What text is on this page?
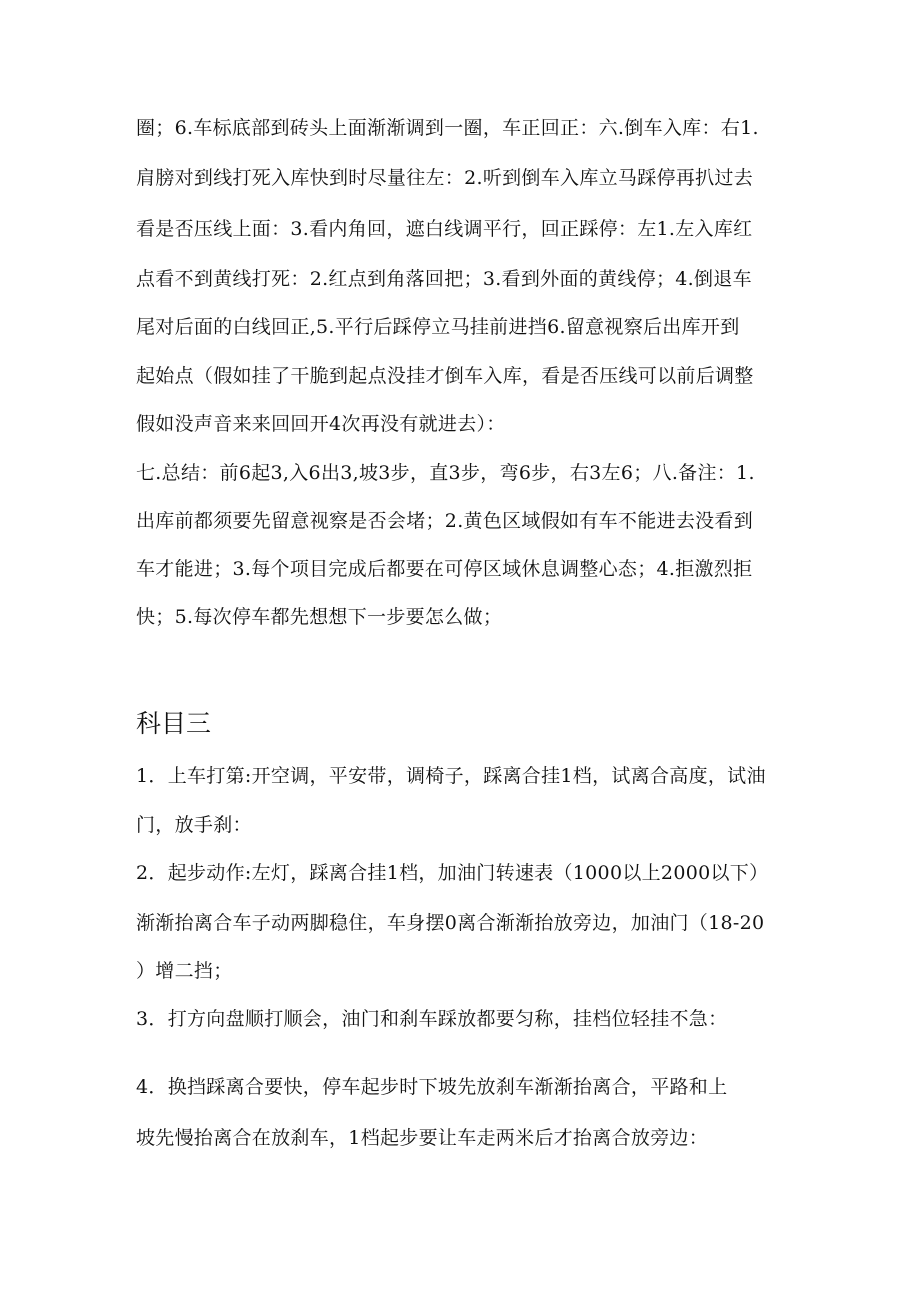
圈；6.车标底部到砖头上面渐渐调到一圈，车正回正：六.倒车入库：右1.
肩膀对到线打死入库快到时尽量往左：2.听到倒车入库立马踩停再扒过去
看是否压线上面：3.看内角回，遮白线调平行，回正踩停：左1.左入库红
点看不到黄线打死：2.红点到角落回把；3.看到外面的黄线停；4.倒退车
尾对后面的白线回正,5.平行后踩停立马挂前进挡6.留意视察后出库开到
起始点（假如挂了干脆到起点没挂才倒车入库，看是否压线可以前后调整
假如没声音来来回回开4次再没有就进去）：
七.总结：前6起3,入6出3,坡3步，直3步，弯6步，右3左6；八.备注：1.
出库前都须要先留意视察是否会堵；2.黄色区域假如有车不能进去没看到
车才能进；3.每个项目完成后都要在可停区域休息调整心态；4.拒激烈拒
快；5.每次停车都先想想下一步要怎么做；
科目三
1．上车打第:开空调，平安带，调椅子，踩离合挂1档，试离合高度，试油
门，放手刹：
2．起步动作:左灯，踩离合挂1档，加油门转速表（1000以上2000以下）
渐渐抬离合车子动两脚稳住，车身摆0离合渐渐抬放旁边，加油门（18-20
）增二挡；
3．打方向盘顺打顺会，油门和刹车踩放都要匀称，挂档位轻挂不急：
4．换挡踩离合要快，停车起步时下坡先放刹车渐渐抬离合，平路和上
坡先慢抬离合在放刹车，1档起步要让车走两米后才抬离合放旁边：
